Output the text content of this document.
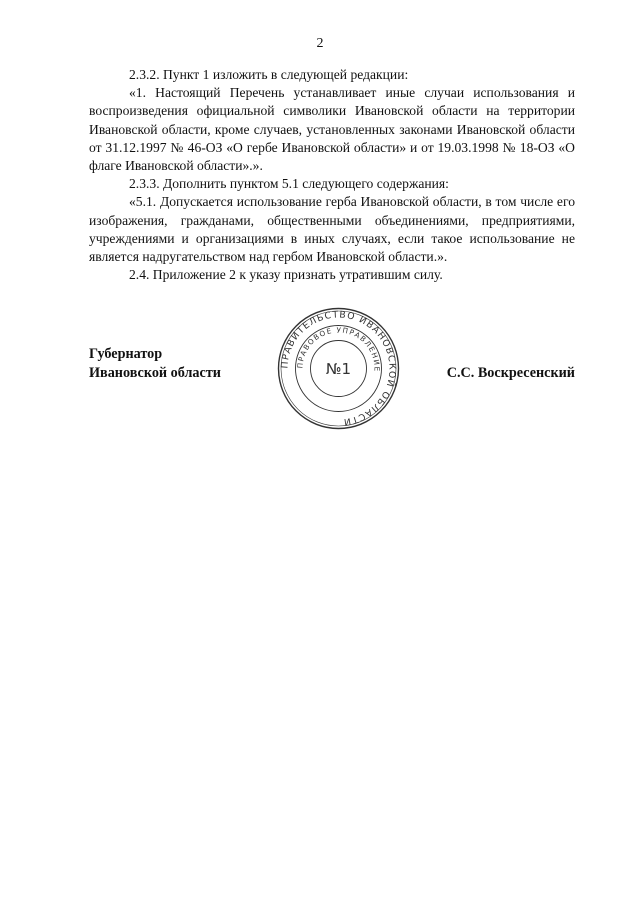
2

2.3.2. Пункт 1 изложить в следующей редакции:

«1. Настоящий Перечень устанавливает иные случаи использования и воспроизведения официальной символики Ивановской области на территории Ивановской области, кроме случаев, установленных законами Ивановской области от 31.12.1997 № 46-ОЗ «О гербе Ивановской области» и от 19.03.1998 № 18-ОЗ «О флаге Ивановской области».».

2.3.3. Дополнить пунктом 5.1 следующего содержания:

«5.1. Допускается использование герба Ивановской области, в том числе его изображения, гражданами, общественными объединениями, предприятиями, учреждениями и организациями в иных случаях, если такое использование не является надругательством над гербом Ивановской области.».

2.4. Приложение 2 к указу признать утратившим силу.

Губернатор
Ивановской области	С.С. Воскресенский
ПРАВИТЕЛЬСТВО ИВАНОВСКОЙ ОБЛАСТИ
ПРАВОВОЕ УПРАВЛЕНИЕ
№1
